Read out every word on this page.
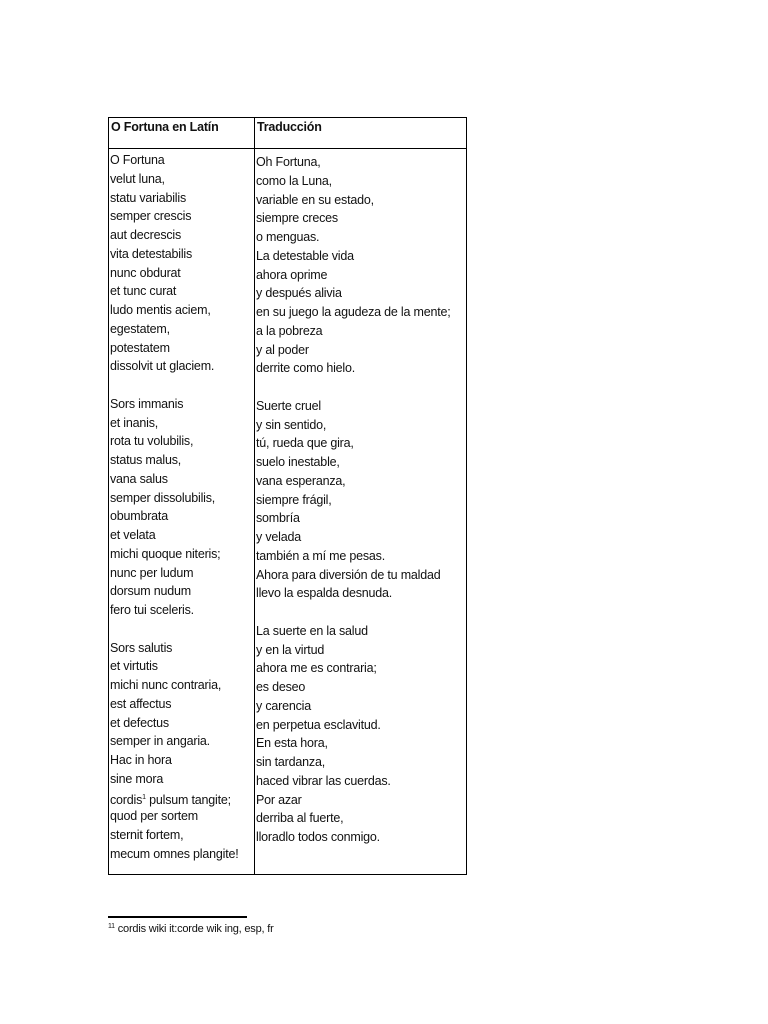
O Fortuna en Latín	Traducción
O Fortuna
velut luna,
statu variabilis
semper crescis
aut decrescis
vita detestabilis
nunc obdurat
et tunc curat
ludo mentis aciem,
egestatem,
potestatem
dissolvit ut glaciem.
Sors immanis
et inanis,
rota tu volubilis,
status malus,
vana salus
semper dissolubilis,
obumbrata
et velata
michi quoque niteris;
nunc per ludum
dorsum nudum
fero tui sceleris.
Sors salutis
et virtutis
michi nunc contraria,
est affectus
et defectus
semper in angaria.
Hac in hora
sine mora
cordis$^1$ pulsum tangite;
quod per sortem
sternit fortem,
mecum omnes plangite!
Oh Fortuna,
como la Luna,
variable en su estado,
siempre creces
o menguas.
La detestable vida
ahora oprime
y después alivia
en su juego la agudeza de la mente;
a la pobreza
y al poder
derrite como hielo.
Suerte cruel
y sin sentido,
tú, rueda que gira,
suelo inestable,
vana esperanza,
siempre frágil,
sombría
y velada
también a mí me pesas.
Ahora para diversión de tu maldad
llevo la espalda desnuda.
La suerte en la salud
y en la virtud
ahora me es contraria;
es deseo
y carencia
en perpetua esclavitud.
En esta hora,
sin tardanza,
haced vibrar las cuerdas.
Por azar
derriba al fuerte,
lloradlo todos conmigo.
$^{11}$ cordis wiki it:corde wik ing, esp, fr
